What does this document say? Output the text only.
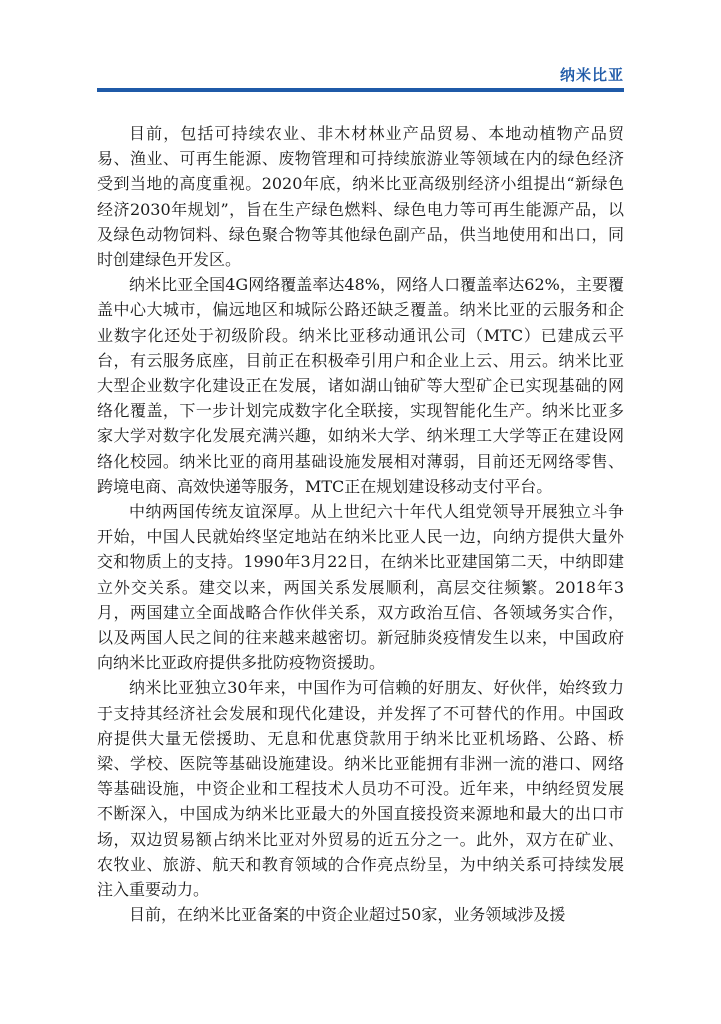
纳米比亚

目前，包括可持续农业、非木材林业产品贸易、本地动植物产品贸易、渔业、可再生能源、废物管理和可持续旅游业等领域在内的绿色经济受到当地的高度重视。2020年底，纳米比亚高级别经济小组提出“新绿色经济2030年规划”，旨在生产绿色燃料、绿色电力等可再生能源产品，以及绿色动物饲料、绿色聚合物等其他绿色副产品，供当地使用和出口，同时创建绿色开发区。

纳米比亚全国4G网络覆盖率达48%，网络人口覆盖率达62%，主要覆盖中心大城市，偏远地区和城际公路还缺乏覆盖。纳米比亚的云服务和企业数字化还处于初级阶段。纳米比亚移动通讯公司（MTC）已建成云平台，有云服务底座，目前正在积极牵引用户和企业上云、用云。纳米比亚大型企业数字化建设正在发展，诸如湖山铀矿等大型矿企已实现基础的网络化覆盖，下一步计划完成数字化全联接，实现智能化生产。纳米比亚多家大学对数字化发展充满兴趣，如纳米大学、纳米理工大学等正在建设网络化校园。纳米比亚的商用基础设施发展相对薄弱，目前还无网络零售、跨境电商、高效快递等服务，MTC正在规划建设移动支付平台。

中纳两国传统友谊深厚。从上世纪六十年代人组党领导开展独立斗争开始，中国人民就始终坚定地站在纳米比亚人民一边，向纳方提供大量外交和物质上的支持。1990年3月22日，在纳米比亚建国第二天，中纳即建立外交关系。建交以来，两国关系发展顺利，高层交往频繁。2018年3月，两国建立全面战略合作伙伴关系，双方政治互信、各领域务实合作，以及两国人民之间的往来越来越密切。新冠肺炎疫情发生以来，中国政府向纳米比亚政府提供多批防疫物资援助。

纳米比亚独立30年来，中国作为可信赖的好朋友、好伙伴，始终致力于支持其经济社会发展和现代化建设，并发挥了不可替代的作用。中国政府提供大量无偿援助、无息和优惠贷款用于纳米比亚机场路、公路、桥梁、学校、医院等基础设施建设。纳米比亚能拥有非洲一流的港口、网络等基础设施，中资企业和工程技术人员功不可没。近年来，中纳经贸发展不断深入，中国成为纳米比亚最大的外国直接投资来源地和最大的出口市场，双边贸易额占纳米比亚对外贸易的近五分之一。此外，双方在矿业、农牧业、旅游、航天和教育领域的合作亮点纷呈，为中纳关系可持续发展注入重要动力。

目前，在纳米比亚备案的中资企业超过50家，业务领域涉及援
